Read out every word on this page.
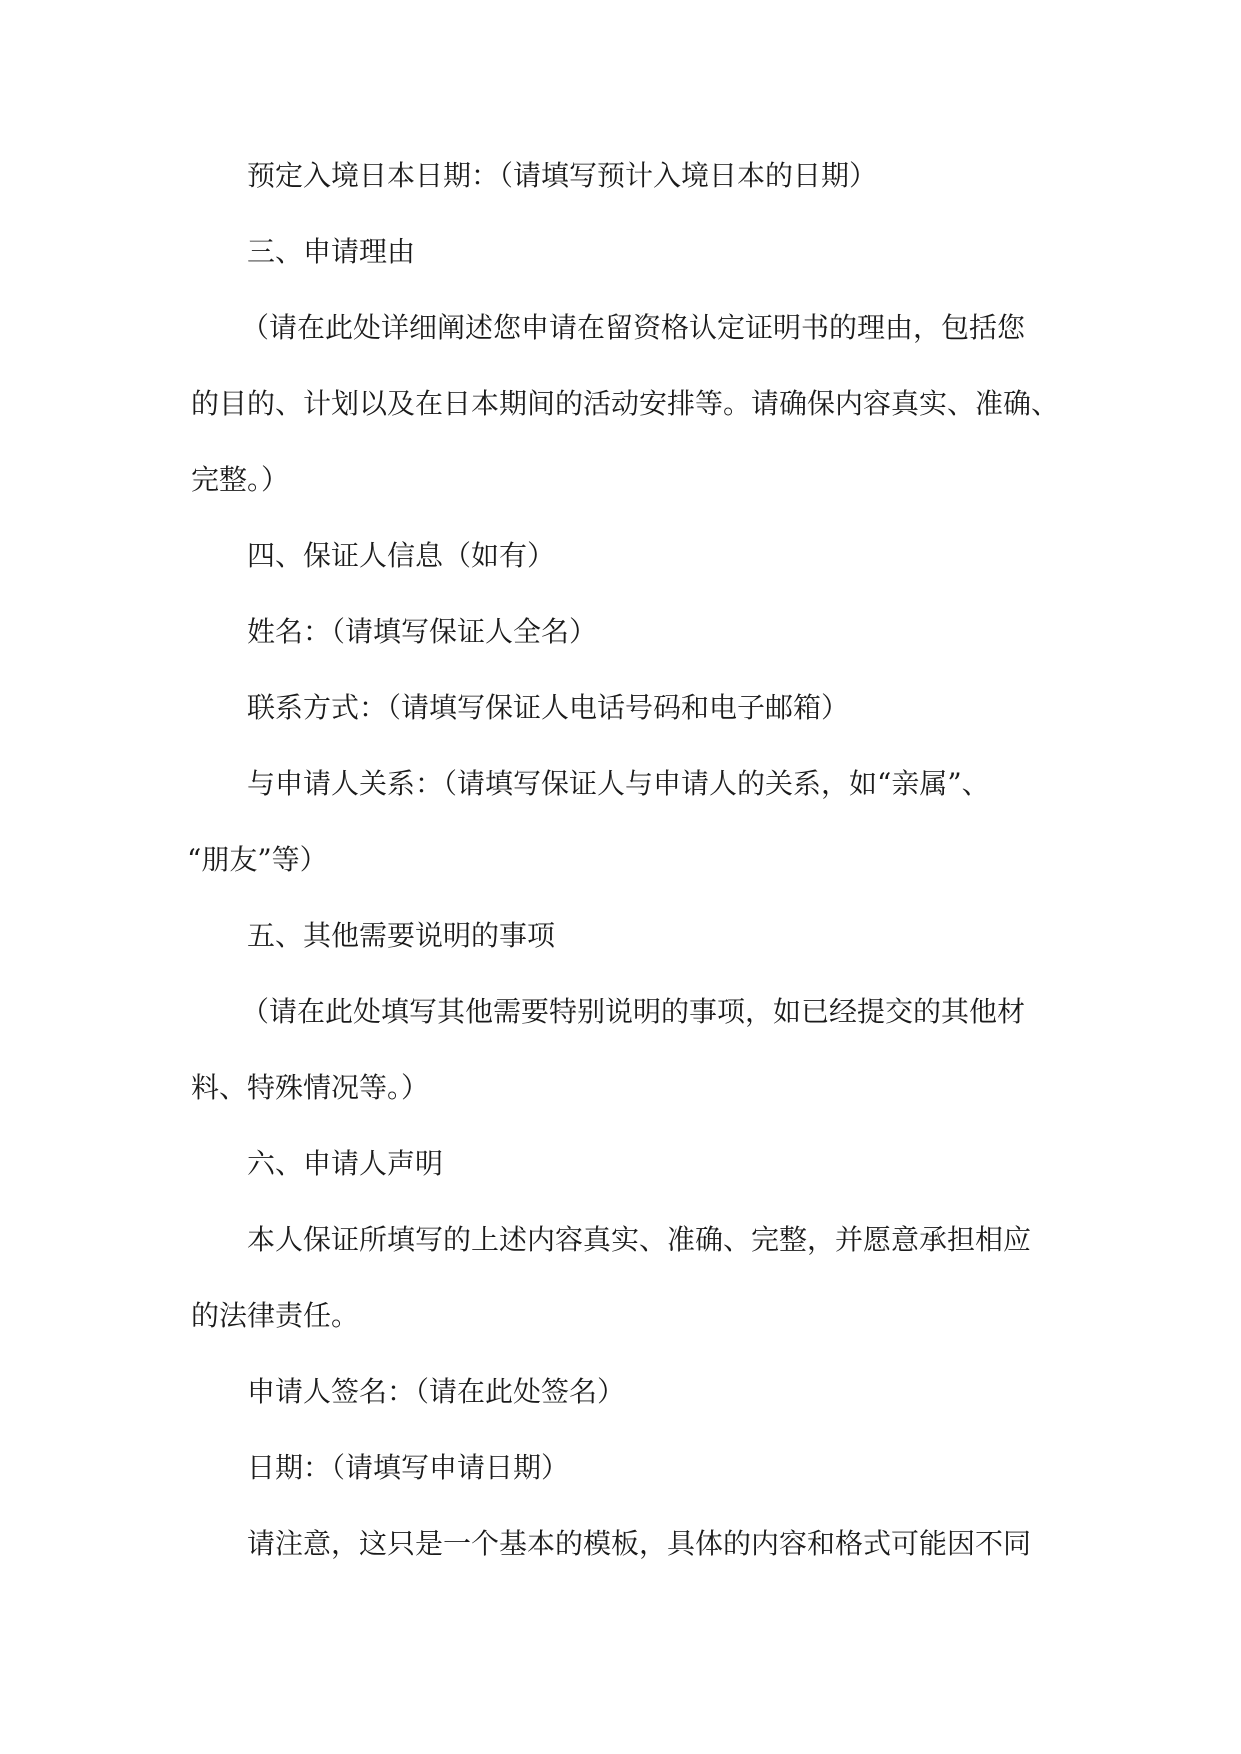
预定入境日本日期：（请填写预计入境日本的日期）
三、申请理由
（请在此处详细阐述您申请在留资格认定证明书的理由，包括您
的目的、计划以及在日本期间的活动安排等。请确保内容真实、准确、
完整。）
四、保证人信息（如有）
姓名：（请填写保证人全名）
联系方式：（请填写保证人电话号码和电子邮箱）
与申请人关系：（请填写保证人与申请人的关系，如“亲属”、
“朋友”等）
五、其他需要说明的事项
（请在此处填写其他需要特别说明的事项，如已经提交的其他材
料、特殊情况等。）
六、申请人声明
本人保证所填写的上述内容真实、准确、完整，并愿意承担相应
的法律责任。
申请人签名：（请在此处签名）
日期：（请填写申请日期）
请注意，这只是一个基本的模板，具体的内容和格式可能因不同
